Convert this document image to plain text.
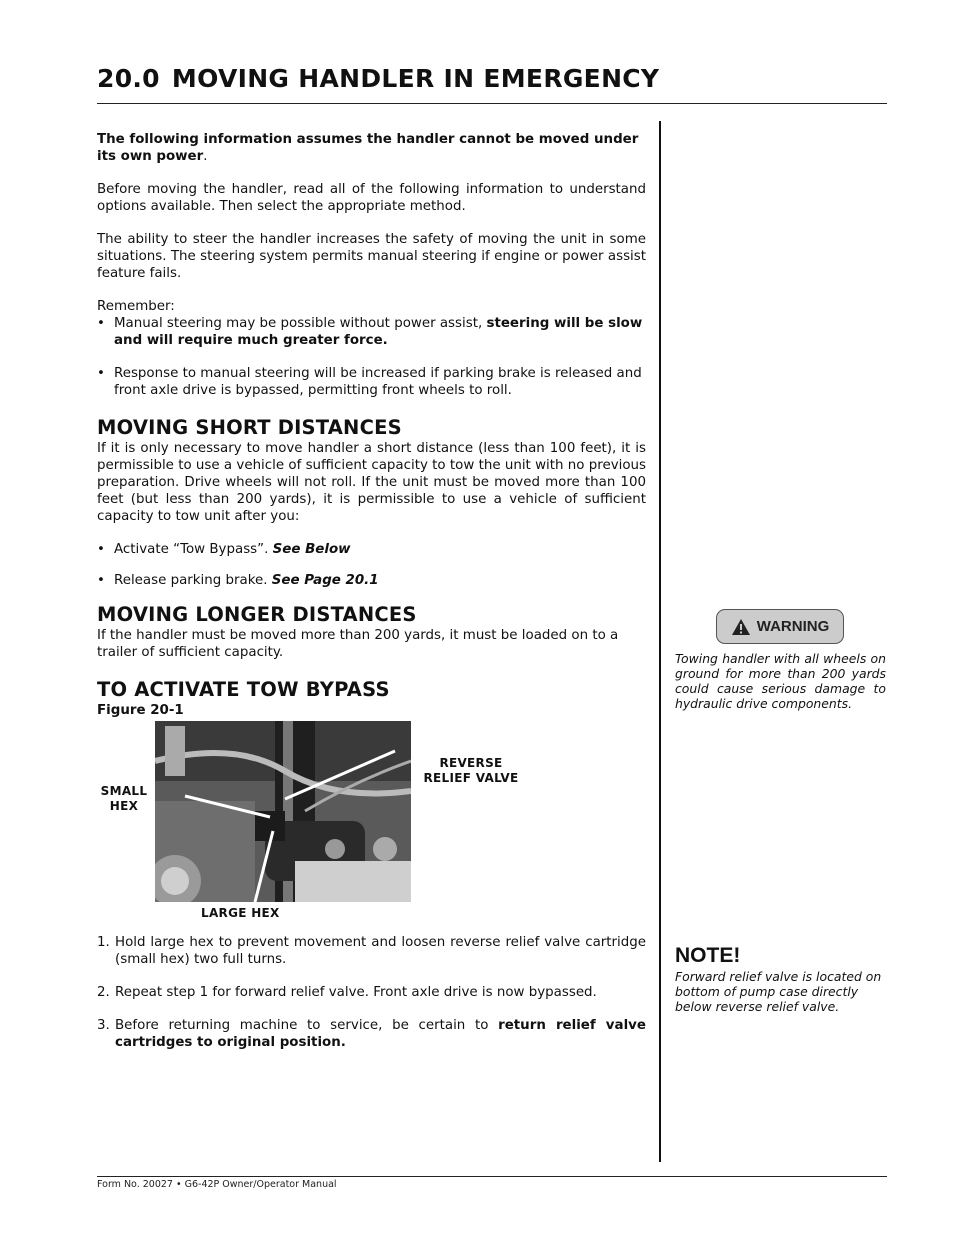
20.0 MOVING HANDLER IN EMERGENCY

The following information assumes the handler cannot be moved under its own power.

Before moving the handler, read all of the following information to understand options available. Then select the appropriate method.

The ability to steer the handler increases the safety of moving the unit in some situations. The steering system permits manual steering if engine or power assist feature fails.

Remember:

• Manual steering may be possible without power assist, steering will be slow and will require much greater force.

• Response to manual steering will be increased if parking brake is released and front axle drive is bypassed, permitting front wheels to roll.

MOVING SHORT DISTANCES

If it is only necessary to move handler a short distance (less than 100 feet), it is permissible to use a vehicle of sufficient capacity to tow the unit with no previous preparation. Drive wheels will not roll. If the unit must be moved more than 100 feet (but less than 200 yards), it is permissible to use a vehicle of sufficient capacity to tow unit after you:

• Activate “Tow Bypass”. See Below

• Release parking brake. See Page 20.1

MOVING LONGER DISTANCES

If the handler must be moved more than 200 yards, it must be loaded on to a trailer of sufficient capacity.

TO ACTIVATE TOW BYPASS

Figure 20-1

SMALL HEX
REVERSE RELIEF VALVE
LARGE HEX

1. Hold large hex to prevent movement and loosen reverse relief valve cartridge (small hex) two full turns.

2. Repeat step 1 for forward relief valve. Front axle drive is now bypassed.

3. Before returning machine to service, be certain to return relief valve cartridges to original position.

WARNING
Towing handler with all wheels on ground for more than 200 yards could cause serious damage to hydraulic drive components.
NOTE!
Forward relief valve is located on bottom of pump case directly below reverse relief valve.
Form No. 20027 • G6-42P Owner/Operator Manual
